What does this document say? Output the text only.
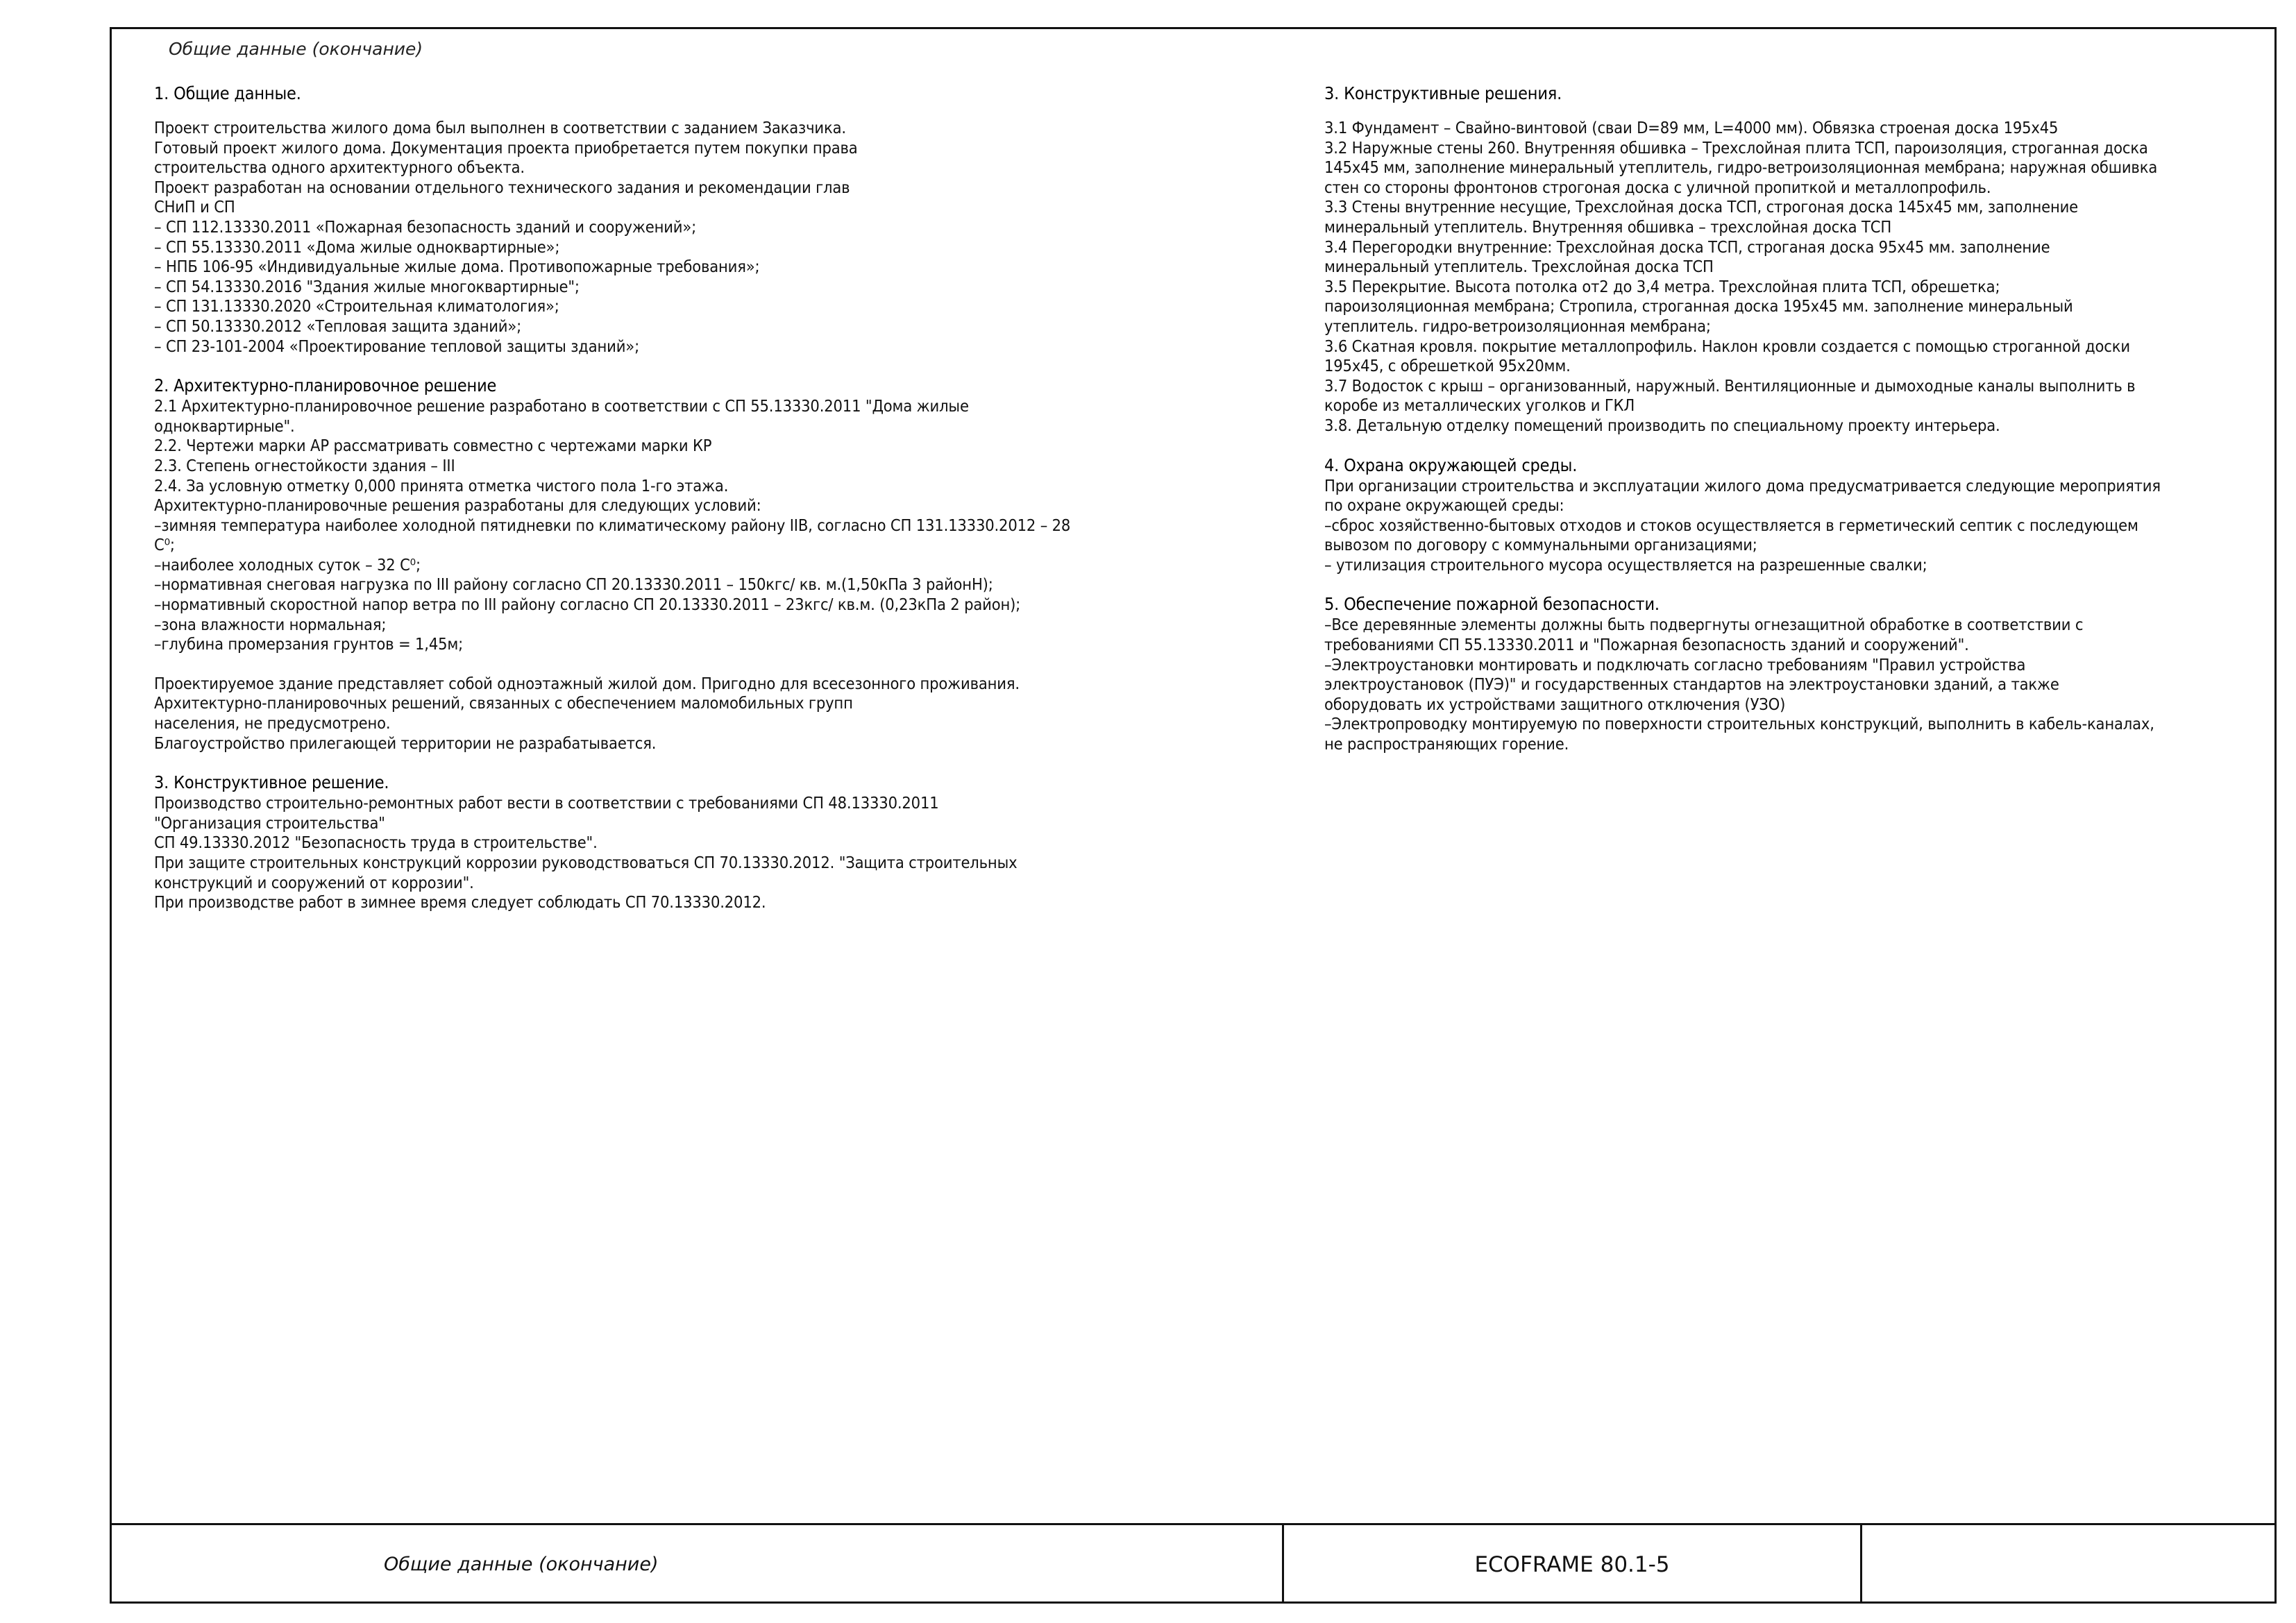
Общие данные (окончание)
1. Общие данные.
Проект строительства жилого дома был выполнен в соответствии с заданием Заказчика.
Готовый проект жилого дома. Документация проекта приобретается путем покупки права
строительства одного архитектурного объекта.
Проект разработан на основании отдельного технического задания и рекомендации глав
СНиП и СП
– СП 112.13330.2011 «Пожарная безопасность зданий и сооружений»;
– СП 55.13330.2011 «Дома жилые одноквартирные»;
– НПБ 106-95 «Индивидуальные жилые дома. Противопожарные требования»;
– СП 54.13330.2016 "Здания жилые многоквартирные";
– СП 131.13330.2020 «Строительная климатология»;
– СП 50.13330.2012 «Тепловая защита зданий»;
– СП 23-101-2004 «Проектирование тепловой защиты зданий»;
2. Архитектурно-планировочное решение
2.1 Архитектурно-планировочное решение разработано в соответствии с СП 55.13330.2011 "Дома жилые
одноквартирные".
2.2. Чертежи марки АР рассматривать совместно с чертежами марки КР
2.3. Степень огнестойкости здания – III
2.4. За условную отметку 0,000 принята отметка чистого пола 1-го этажа.
Архитектурно-планировочные решения разработаны для следующих условий:
–зимняя температура наиболее холодной пятидневки по климатическому району IIВ, согласно СП 131.13330.2012 – 28
С⁰;
–наиболее холодных суток – 32 С⁰;
–нормативная снеговая нагрузка по III району согласно СП 20.13330.2011 – 150кгс/ кв. м.(1,50кПа 3 районН);
–нормативный скоростной напор ветра по III району согласно СП 20.13330.2011 – 23кгс/ кв.м. (0,23кПа 2 район);
–зона влажности нормальная;
–глубина промерзания грунтов = 1,45м;
Проектируемое здание представляет собой одноэтажный жилой дом. Пригодно для всесезонного проживания.
Архитектурно-планировочных решений, связанных с обеспечением маломобильных групп
населения, не предусмотрено.
Благоустройство прилегающей территории не разрабатывается.
3. Конструктивное решение.
Производство строительно-ремонтных работ вести в соответствии с требованиями СП 48.13330.2011
"Организация строительства"
СП 49.13330.2012 "Безопасность труда в строительстве".
При защите строительных конструкций коррозии руководствоваться СП 70.13330.2012. "Защита строительных
конструкций и сооружений от коррозии".
При производстве работ в зимнее время следует соблюдать СП 70.13330.2012.
3. Конструктивные решения.
3.1 Фундамент – Свайно-винтовой (сваи D=89 мм, L=4000 мм). Обвязка строеная доска 195х45
3.2 Наружные стены 260. Внутренняя обшивка – Трехслойная плита ТСП, пароизоляция, строганная доска
145х45 мм, заполнение минеральный утеплитель, гидро-ветроизоляционная мембрана; наружная обшивка
стен со стороны фронтонов строгоная доска с уличной пропиткой и металлопрофиль.
3.3 Стены внутренние несущие, Трехслойная доска ТСП, строгоная доска 145х45 мм, заполнение
минеральный утеплитель. Внутренняя обшивка – трехслойная доска ТСП
3.4 Перегородки внутренние: Трехслойная доска ТСП, строганая доска 95х45 мм. заполнение
минеральный утеплитель. Трехслойная доска ТСП
3.5 Перекрытие. Высота потолка от2 до 3,4 метра. Трехслойная плита ТСП, обрешетка;
пароизоляционная мембрана; Стропила, строганная доска 195х45 мм. заполнение минеральный
утеплитель. гидро-ветроизоляционная мембрана;
3.6 Скатная кровля. покрытие металлопрофиль. Наклон кровли создается с помощью строганной доски
195х45, с обрешеткой 95х20мм.
3.7 Водосток с крыш – организованный, наружный. Вентиляционные и дымоходные каналы выполнить в
коробе из металлических уголков и ГКЛ
3.8. Детальную отделку помещений производить по специальному проекту интерьера.
4. Охрана окружающей среды.
При организации строительства и эксплуатации жилого дома предусматривается следующие мероприятия
по охране окружающей среды:
–сброс хозяйственно-бытовых отходов и стоков осуществляется в герметический септик с последующем
вывозом по договору с коммунальными организациями;
– утилизация строительного мусора осуществляется на разрешенные свалки;
5. Обеспечение пожарной безопасности.
–Все деревянные элементы должны быть подвергнуты огнезащитной обработке в соответствии с
требованиями СП 55.13330.2011 и "Пожарная безопасность зданий и сооружений".
–Электроустановки монтировать и подключать согласно требованиям "Правил устройства
электроустановок (ПУЭ)" и государственных стандартов на электроустановки зданий, а также
оборудовать их устройствами защитного отключения (УЗО)
–Электропроводку монтируемую по поверхности строительных конструкций, выполнить в кабель-каналах,
не распространяющих горение.
Общие данные (окончание)	ECOFRAME 80.1-5
